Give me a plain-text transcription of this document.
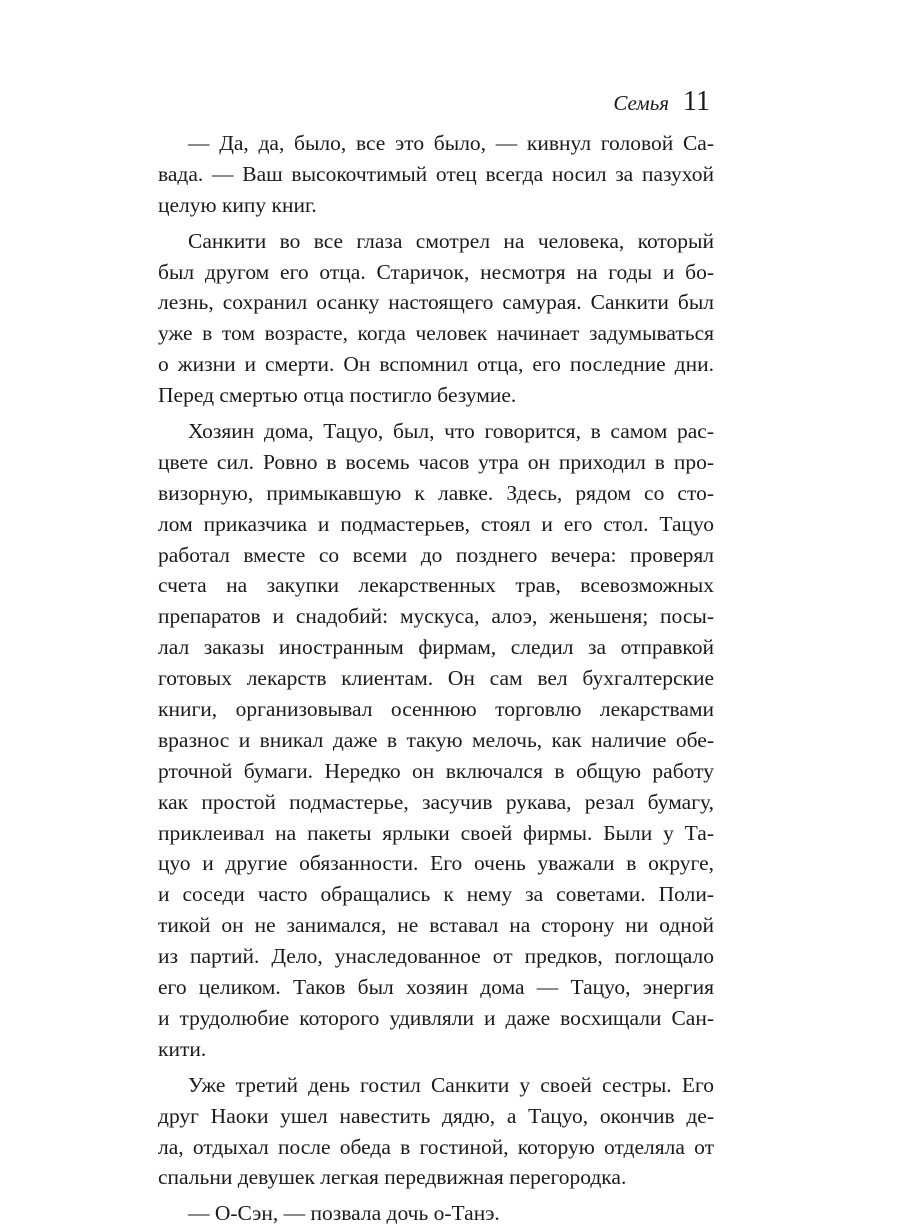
Семья 11
— Да, да, было, все это было, — кивнул головой Са-
вада. — Ваш высокочтимый отец всегда носил за пазухой
целую кипу книг.
Санкити во все глаза смотрел на человека, который
был другом его отца. Старичок, несмотря на годы и бо-
лезнь, сохранил осанку настоящего самурая. Санкити был
уже в том возрасте, когда человек начинает задумываться
о жизни и смерти. Он вспомнил отца, его последние дни.
Перед смертью отца постигло безумие.
Хозяин дома, Тацуо, был, что говорится, в самом рас-
цвете сил. Ровно в восемь часов утра он приходил в про-
визорную, примыкавшую к лавке. Здесь, рядом со сто-
лом приказчика и подмастерьев, стоял и его стол. Тацуо
работал вместе со всеми до позднего вечера: проверял
счета на закупки лекарственных трав, всевозможных
препаратов и снадобий: мускуса, алоэ, женьшеня; посы-
лал заказы иностранным фирмам, следил за отправкой
готовых лекарств клиентам. Он сам вел бухгалтерские
книги, организовывал осеннюю торговлю лекарствами
вразнос и вникал даже в такую мелочь, как наличие обе-
рточной бумаги. Нередко он включался в общую работу
как простой подмастерье, засучив рукава, резал бумагу,
приклеивал на пакеты ярлыки своей фирмы. Были у Та-
цуо и другие обязанности. Его очень уважали в округе,
и соседи часто обращались к нему за советами. Поли-
тикой он не занимался, не вставал на сторону ни одной
из партий. Дело, унаследованное от предков, поглощало
его целиком. Таков был хозяин дома — Тацуо, энергия
и трудолюбие которого удивляли и даже восхищали Сан-
кити.
Уже третий день гостил Санкити у своей сестры. Его
друг Наоки ушел навестить дядю, а Тацуо, окончив де-
ла, отдыхал после обеда в гостиной, которую отделяла от
спальни девушек легкая передвижная перегородка.
— О-Сэн, — позвала дочь о-Танэ.
